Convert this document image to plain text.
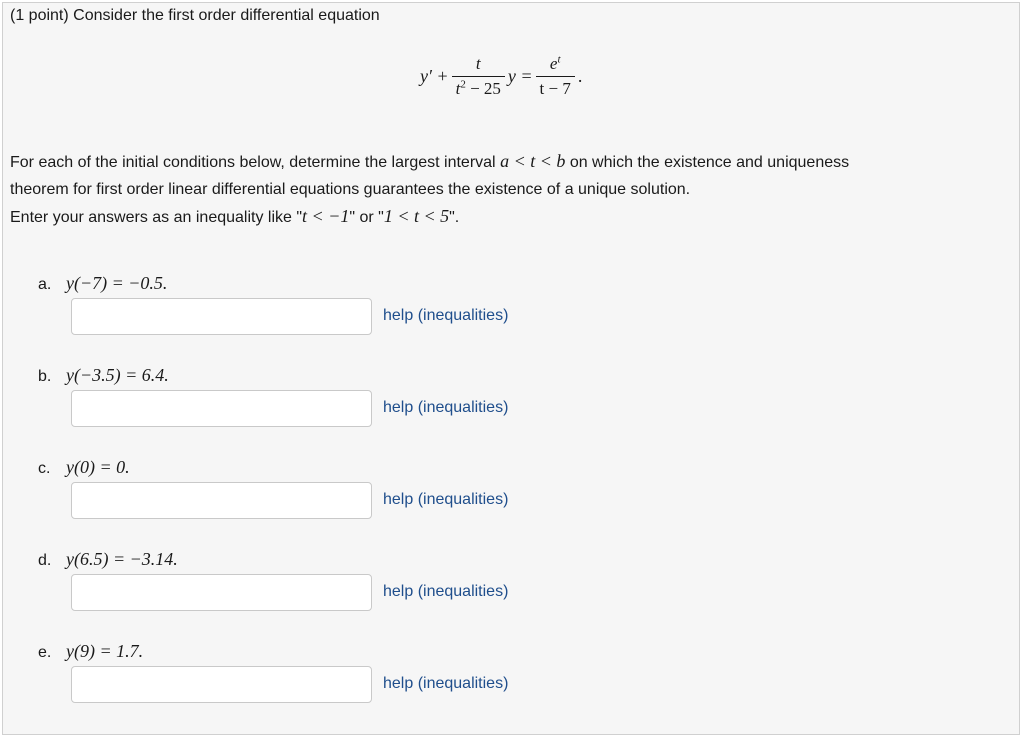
(1 point) Consider the first order differential equation
$y' + \frac{t}{t^2 - 25}$ $y = \frac{e^t}{t - 7}$ .
For each of the initial conditions below, determine the largest interval a < t < b on which the existence and uniqueness
theorem for first order linear differential equations guarantees the existence of a unique solution.
Enter your answers as an inequality like "t < −1" or "1 < t < 5".
a. y(−7) = −0.5.
help (inequalities)
b. y(−3.5) = 6.4.
help (inequalities)
c. y(0) = 0.
help (inequalities)
d. y(6.5) = −3.14.
help (inequalities)
e. y(9) = 1.7.
help (inequalities)
